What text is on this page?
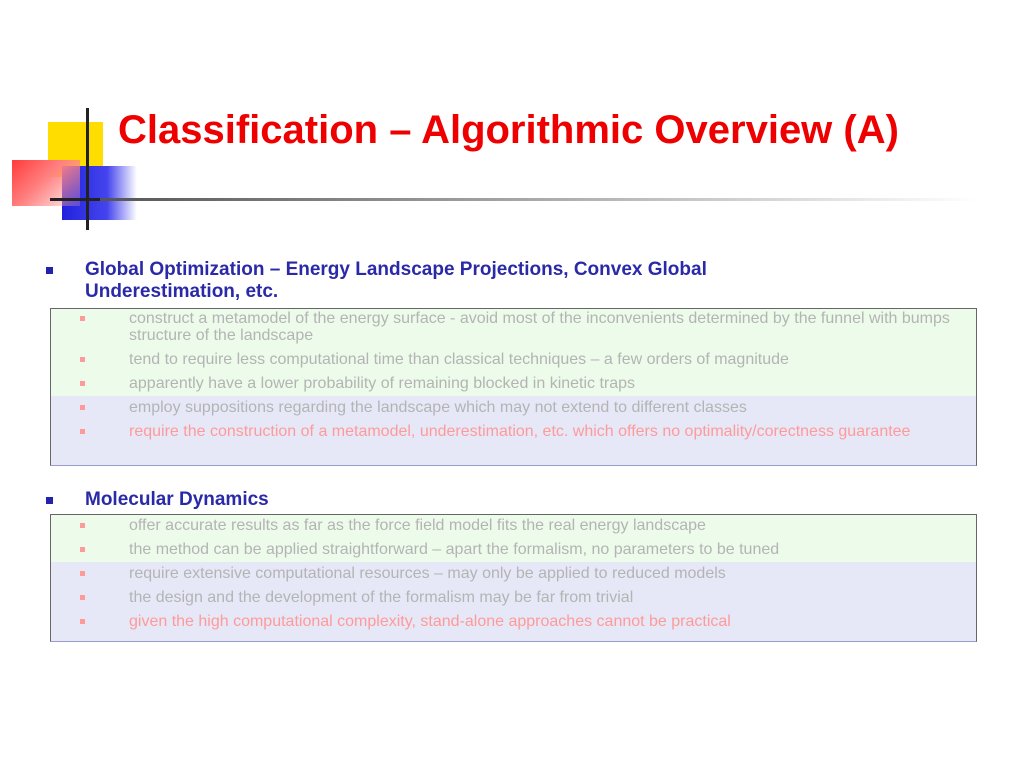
Classification – Algorithmic Overview (A)
Global Optimization – Energy Landscape Projections, Convex Global Underestimation, etc.
construct a metamodel of the energy surface - avoid most of the inconvenients determined by the funnel with bumps structure of the landscape
tend to require less computational time than classical techniques – a few orders of magnitude
apparently have a lower probability of remaining blocked in kinetic traps
employ suppositions regarding the landscape which may not extend to different classes
require the construction of a metamodel, underestimation, etc. which offers no optimality/corectness guarantee
Molecular Dynamics
offer accurate results as far as the force field model fits the real energy landscape
the method can be applied straightforward – apart the formalism, no parameters to be tuned
require extensive computational resources – may only be applied to reduced models
the design and the development of the formalism may be far from trivial
given the high computational complexity, stand-alone approaches cannot be practical
